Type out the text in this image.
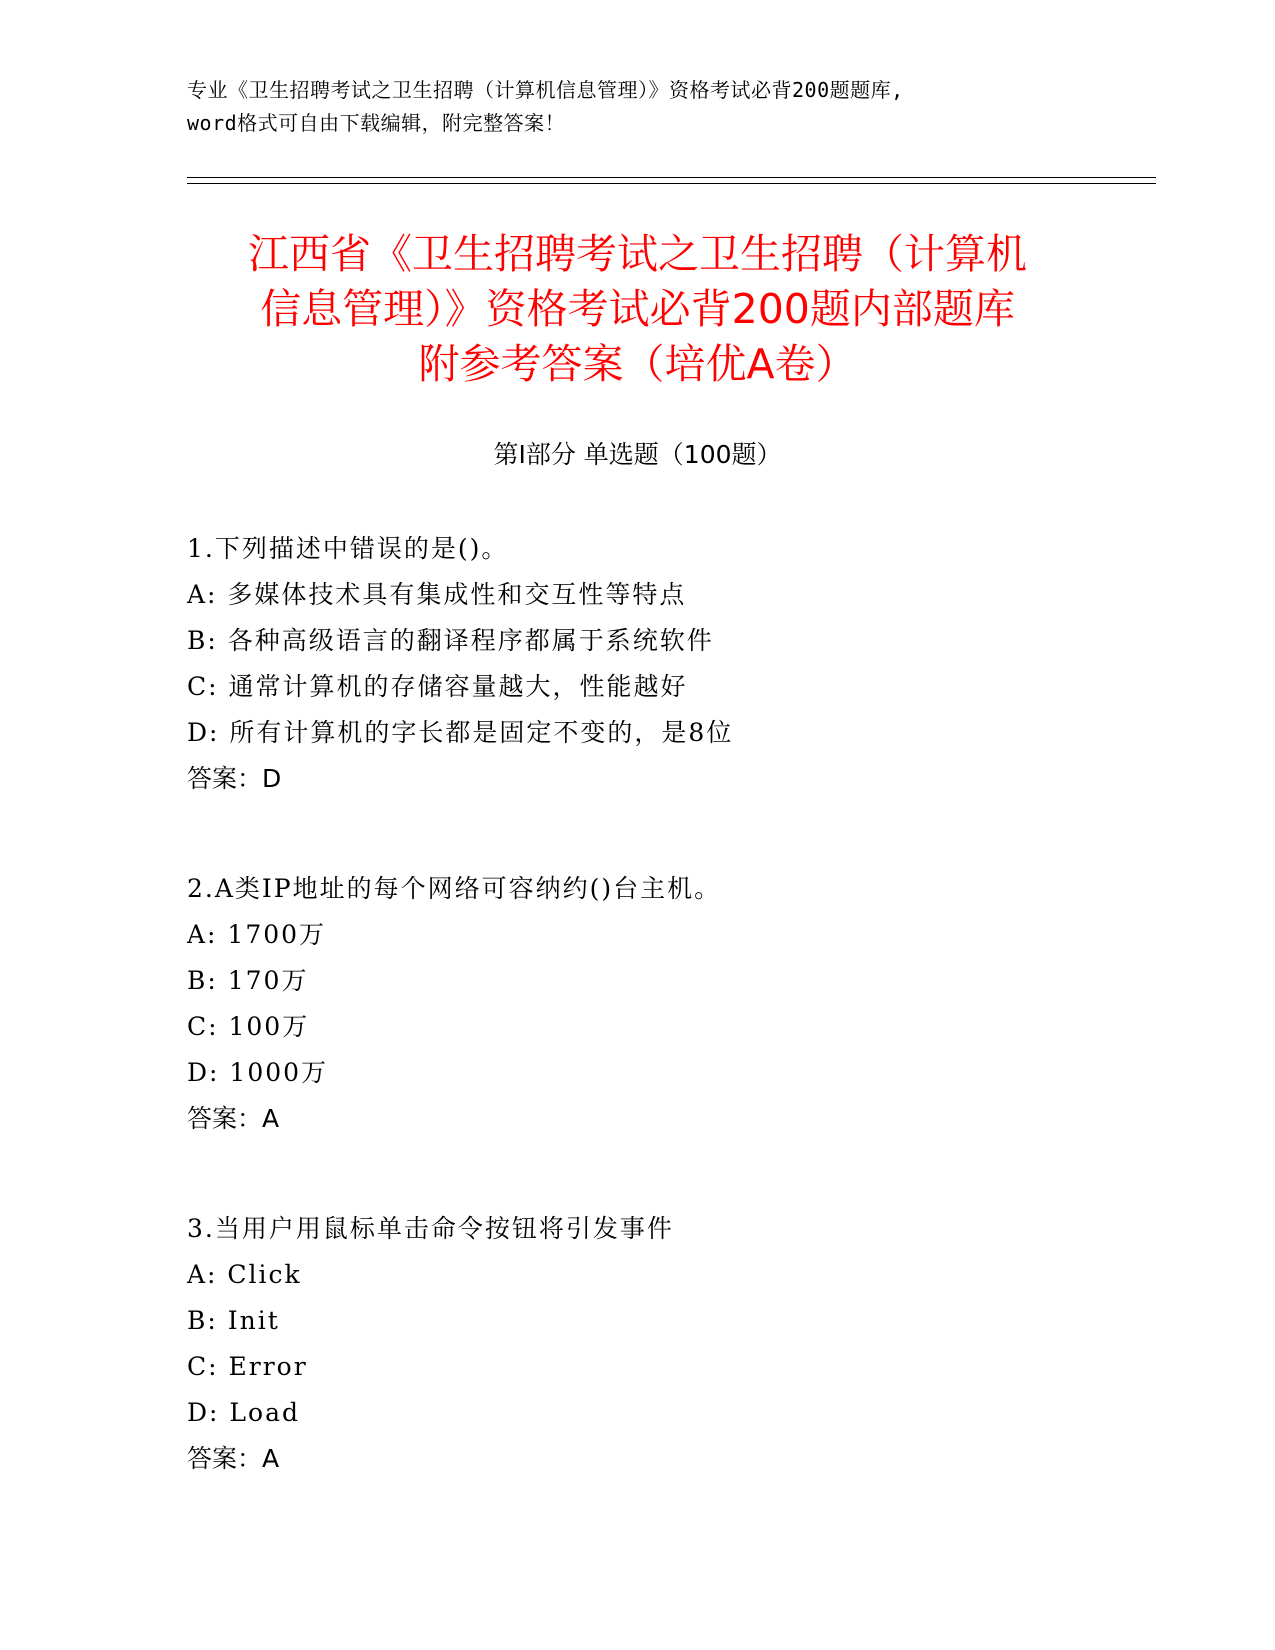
专业《卫生招聘考试之卫生招聘（计算机信息管理）》资格考试必背200题题库,
word格式可自由下载编辑，附完整答案！
江西省《卫生招聘考试之卫生招聘（计算机
信息管理）》资格考试必背200题内部题库
附参考答案（培优A卷）
第Ⅰ部分 单选题（100题）
1.下列描述中错误的是()。
A: 多媒体技术具有集成性和交互性等特点
B: 各种高级语言的翻译程序都属于系统软件
C: 通常计算机的存储容量越大，性能越好
D: 所有计算机的字长都是固定不变的，是8位
答案：D
2.A类IP地址的每个网络可容纳约()台主机。
A: 1700万
B: 170万
C: 100万
D: 1000万
答案：A
3.当用户用鼠标单击命令按钮将引发事件
A: Click
B: Init
C: Error
D: Load
答案：A
